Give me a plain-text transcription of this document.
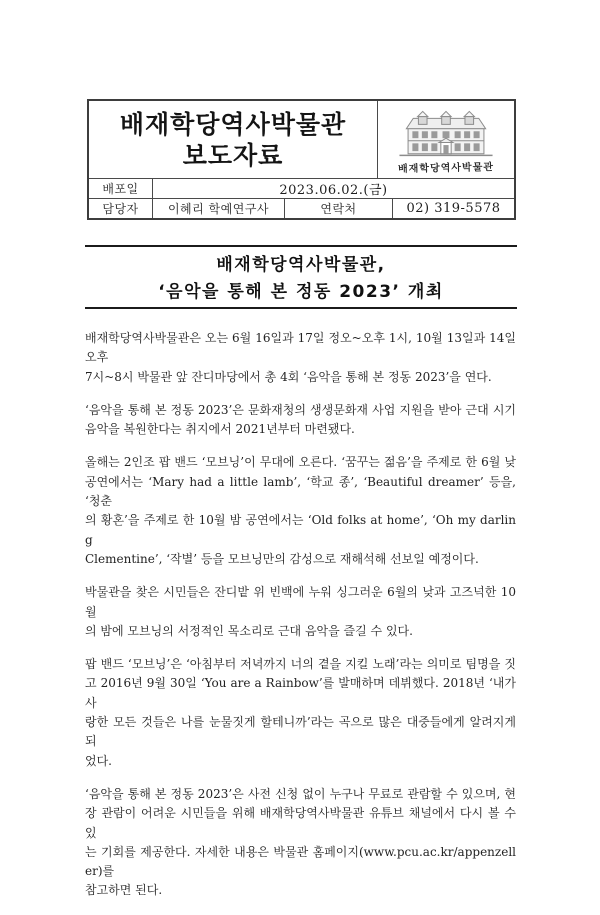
배재학당역사박물관
보도자료	배재학당역사박물관
배포일	2023.06.02.(금)
담당자 이혜리 학예연구사	연락처	02) 319-5578
배재학당역사박물관,
‘음악을 통해 본 정동 2023’ 개최
배재학당역사박물관은 오는 6월 16일과 17일 정오~오후 1시, 10월 13일과 14일 오후
7시~8시 박물관 앞 잔디마당에서 총 4회 ‘음악을 통해 본 정동 2023’을 연다.
‘음악을 통해 본 정동 2023’은 문화재청의 생생문화재 사업 지원을 받아 근대 시기
음악을 복원한다는 취지에서 2021년부터 마련됐다.
올해는 2인조 팝 밴드 ‘모브닝’이 무대에 오른다. ‘꿈꾸는 젊음’을 주제로 한 6월 낮
공연에서는 ‘Mary had a little lamb’, ‘학교 종’, ‘Beautiful dreamer’ 등을, ‘청춘
의 황혼’을 주제로 한 10월 밤 공연에서는 ‘Old folks at home’, ‘Oh my darling
Clementine’, ‘작별’ 등을 모브닝만의 감성으로 재해석해 선보일 예정이다.
박물관을 찾은 시민들은 잔디밭 위 빈백에 누워 싱그러운 6월의 낮과 고즈넉한 10월
의 밤에 모브닝의 서정적인 목소리로 근대 음악을 즐길 수 있다.
팝 밴드 ‘모브닝’은 ‘아침부터 저녁까지 너의 곁을 지킬 노래’라는 의미로 팀명을 짓
고 2016년 9월 30일 ‘You are a Rainbow’를 발매하며 데뷔했다. 2018년 ‘내가 사
랑한 모든 것들은 나를 눈물짓게 할테니까’라는 곡으로 많은 대중들에게 알려지게 되
었다.
‘음악을 통해 본 정동 2023’은 사전 신청 없이 누구나 무료로 관람할 수 있으며, 현
장 관람이 어려운 시민들을 위해 배재학당역사박물관 유튜브 채널에서 다시 볼 수 있
는 기회를 제공한다. 자세한 내용은 박물관 홈페이지(www.pcu.ac.kr/appenzeller)를
참고하면 된다.
